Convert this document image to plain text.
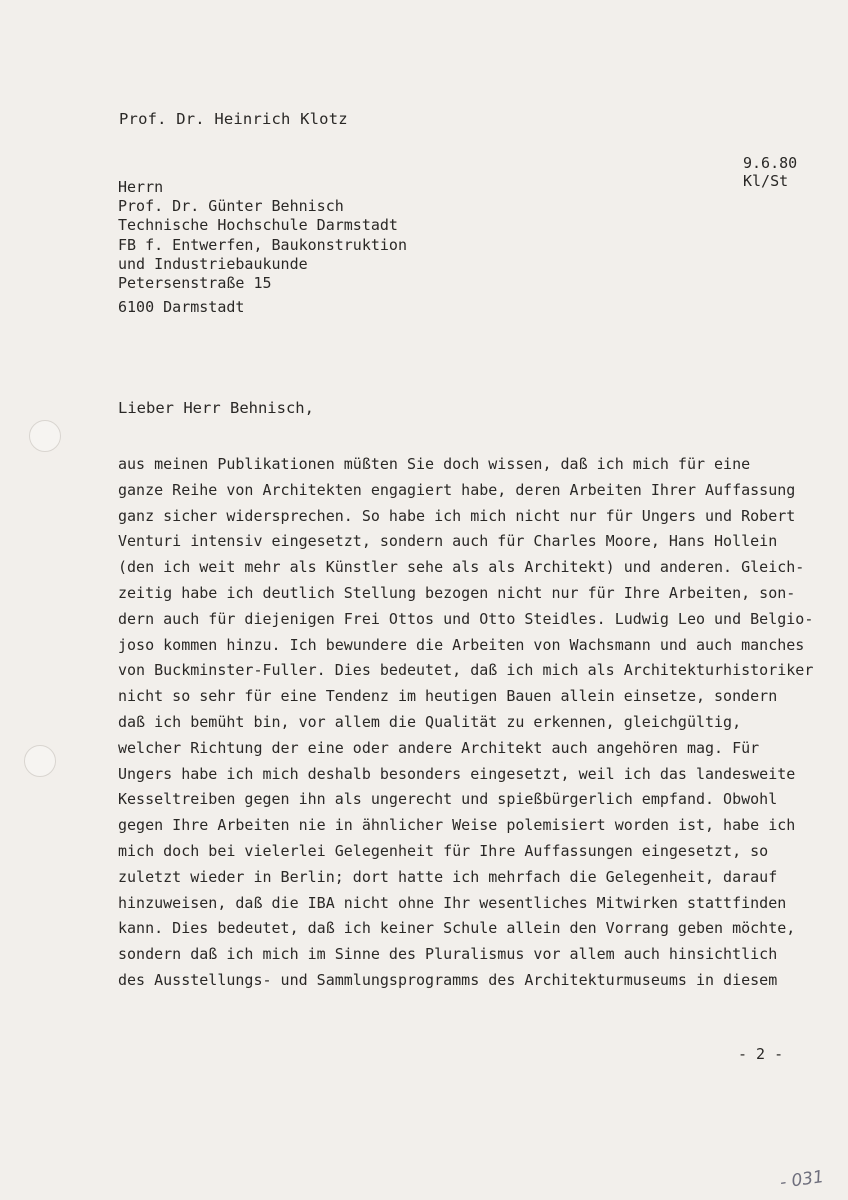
Prof. Dr. Heinrich Klotz
9.6.80
Kl/St
Herrn
Prof. Dr. Günter Behnisch
Technische Hochschule Darmstadt
FB f. Entwerfen, Baukonstruktion
und Industriebaukunde
Petersenstraße 15
6100 Darmstadt
Lieber Herr Behnisch,
aus meinen Publikationen müßten Sie doch wissen, daß ich mich für eine
ganze Reihe von Architekten engagiert habe, deren Arbeiten Ihrer Auffassung
ganz sicher widersprechen. So habe ich mich nicht nur für Ungers und Robert
Venturi intensiv eingesetzt, sondern auch für Charles Moore, Hans Hollein
(den ich weit mehr als Künstler sehe als als Architekt) und anderen. Gleich-
zeitig habe ich deutlich Stellung bezogen nicht nur für Ihre Arbeiten, son-
dern auch für diejenigen Frei Ottos und Otto Steidles. Ludwig Leo und Belgio-
joso kommen hinzu. Ich bewundere die Arbeiten von Wachsmann und auch manches
von Buckminster-Fuller. Dies bedeutet, daß ich mich als Architekturhistoriker
nicht so sehr für eine Tendenz im heutigen Bauen allein einsetze, sondern
daß ich bemüht bin, vor allem die Qualität zu erkennen, gleichgültig,
welcher Richtung der eine oder andere Architekt auch angehören mag. Für
Ungers habe ich mich deshalb besonders eingesetzt, weil ich das landesweite
Kesseltreiben gegen ihn als ungerecht und spießbürgerlich empfand. Obwohl
gegen Ihre Arbeiten nie in ähnlicher Weise polemisiert worden ist, habe ich
mich doch bei vielerlei Gelegenheit für Ihre Auffassungen eingesetzt, so
zuletzt wieder in Berlin; dort hatte ich mehrfach die Gelegenheit, darauf
hinzuweisen, daß die IBA nicht ohne Ihr wesentliches Mitwirken stattfinden
kann. Dies bedeutet, daß ich keiner Schule allein den Vorrang geben möchte,
sondern daß ich mich im Sinne des Pluralismus vor allem auch hinsichtlich
des Ausstellungs- und Sammlungsprogramms des Architekturmuseums in diesem
- 2 -
- 031
